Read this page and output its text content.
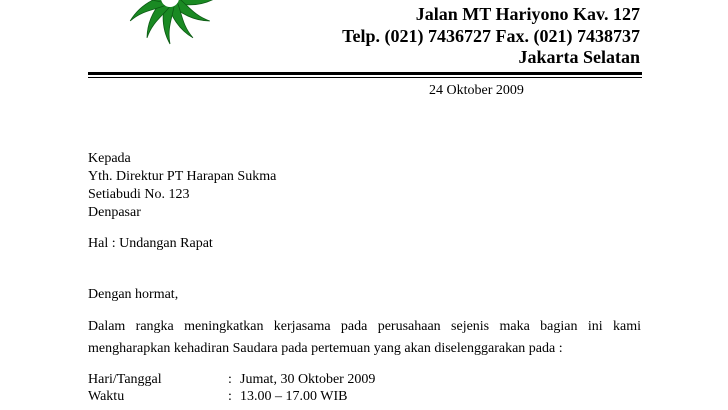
Jalan MT Hariyono Kav. 127
Telp. (021) 7436727 Fax. (021) 7438737
Jakarta Selatan
24 Oktober 2009
Kepada
Yth. Direktur PT Harapan Sukma
Setiabudi No. 123
Denpasar
Hal : Undangan Rapat
Dengan hormat,
Dalam rangka meningkatkan kerjasama pada perusahaan sejenis maka bagian ini kami
mengharapkan kehadiran Saudara pada pertemuan yang akan diselenggarakan pada :
Hari/Tanggal	: Jumat, 30 Oktober 2009
Waktu	: 13.00 – 17.00 WIB
